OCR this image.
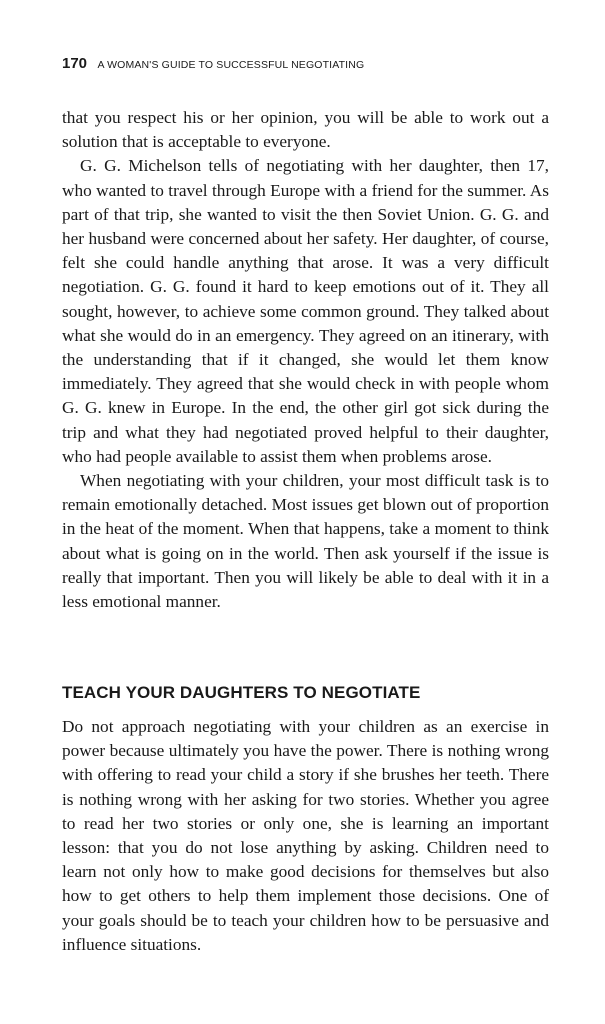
170 A WOMAN'S GUIDE TO SUCCESSFUL NEGOTIATING

that you respect his or her opinion, you will be able to work out a solution that is acceptable to everyone.

G. G. Michelson tells of negotiating with her daughter, then 17, who wanted to travel through Europe with a friend for the summer. As part of that trip, she wanted to visit the then Soviet Union. G. G. and her husband were concerned about her safety. Her daughter, of course, felt she could handle anything that arose. It was a very difficult negotiation. G. G. found it hard to keep emotions out of it. They all sought, however, to achieve some common ground. They talked about what she would do in an emergency. They agreed on an itinerary, with the understanding that if it changed, she would let them know immediately. They agreed that she would check in with people whom G. G. knew in Europe. In the end, the other girl got sick during the trip and what they had negotiated proved helpful to their daughter, who had people available to assist them when problems arose.

When negotiating with your children, your most difficult task is to remain emotionally detached. Most issues get blown out of proportion in the heat of the moment. When that happens, take a moment to think about what is going on in the world. Then ask yourself if the issue is really that important. Then you will likely be able to deal with it in a less emotional manner.

TEACH YOUR DAUGHTERS TO NEGOTIATE

Do not approach negotiating with your children as an exercise in power because ultimately you have the power. There is nothing wrong with offering to read your child a story if she brushes her teeth. There is nothing wrong with her asking for two stories. Whether you agree to read her two stories or only one, she is learning an important lesson: that you do not lose anything by asking. Children need to learn not only how to make good decisions for themselves but also how to get others to help them implement those decisions. One of your goals should be to teach your children how to be persuasive and influence situations.
